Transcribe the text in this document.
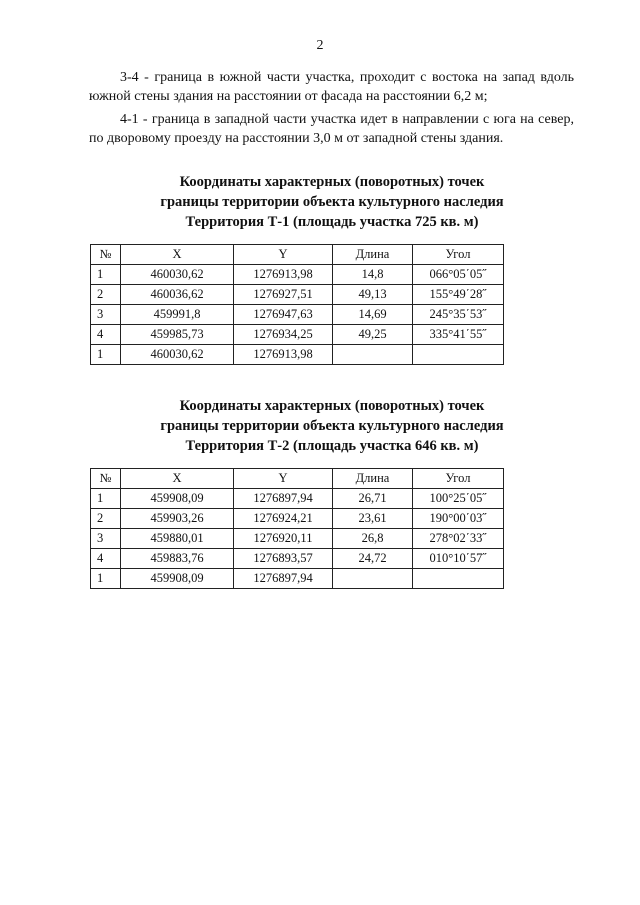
2

3-4 - граница в южной части участка, проходит с востока на запад вдоль южной стены здания на расстоянии от фасада на расстоянии 6,2 м;

4-1 - граница в западной части участка идет в направлении с юга на север, по дворовому проезду на расстоянии 3,0 м от западной стены здания.

Координаты характерных (поворотных) точек
границы территории объекта культурного наследия
Территория Т-1 (площадь участка 725 кв. м)
№	X	Y	Длина	Угол
1	460030,62	1276913,98	14,8	066°05΄05˝
2	460036,62	1276927,51	49,13	155°49΄28˝
3	459991,8	1276947,63	14,69	245°35΄53˝
4	459985,73	1276934,25	49,25	335°41΄55˝
1	460030,62	1276913,98		
Координаты характерных (поворотных) точек
границы территории объекта культурного наследия
Территория Т-2 (площадь участка 646 кв. м)
№	X	Y	Длина	Угол
1	459908,09	1276897,94	26,71	100°25΄05˝
2	459903,26	1276924,21	23,61	190°00΄03˝
3	459880,01	1276920,11	26,8	278°02΄33˝
4	459883,76	1276893,57	24,72	010°10΄57˝
1	459908,09	1276897,94		
